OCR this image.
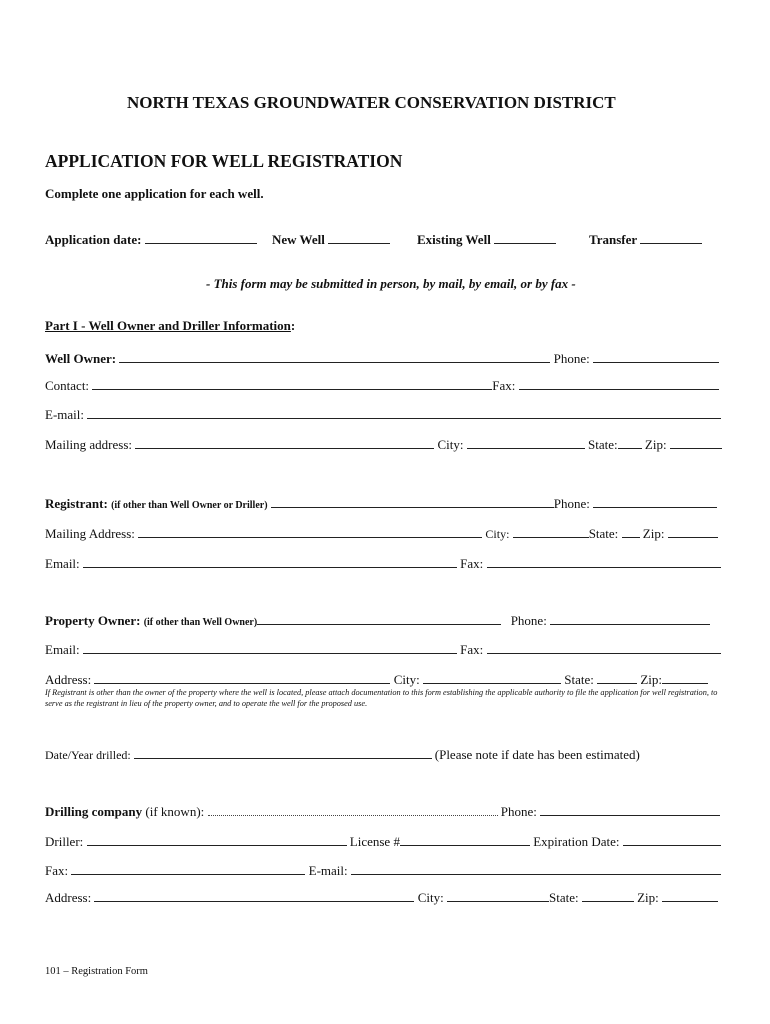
NORTH TEXAS GROUNDWATER CONSERVATION DISTRICT
APPLICATION FOR WELL REGISTRATION
Complete one application for each well.
Application date:	New Well	Existing Well	Transfer
- This form may be submitted in person, by mail, by email, or by fax -
Part I - Well Owner and Driller Information:
Well Owner:	Phone:
Contact:	Fax:
E-mail:
Mailing address:	City:	State: Zip:
Registrant: (if other than Well Owner or Driller)	Phone:
Mailing Address:	City:	State: Zip:
Email:	Fax:
Property Owner: (if other than Well Owner)	Phone:
Email:	Fax:
Address:	City:	State:	Zip:
If Registrant is other than the owner of the property where the well is located, please attach documentation to this form establishing the applicable authority to file the application for well registration, to serve as the registrant in lieu of the property owner, and to operate the well for the proposed use.
Date/Year drilled:	(Please note if date has been estimated)
Drilling company (if known):	Phone:
Driller:	License #	Expiration Date:
Fax:	E-mail:
Address:	City:	State:	Zip:
101 – Registration Form
